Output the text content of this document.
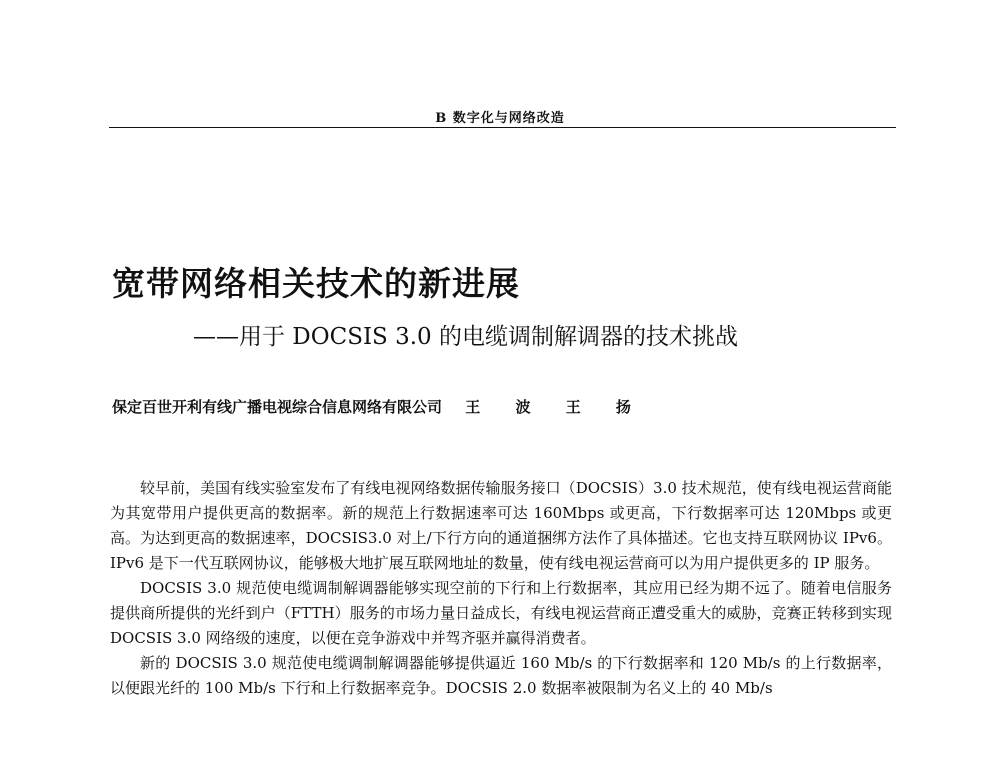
B 数字化与网络改造
宽带网络相关技术的新进展
——用于 DOCSIS 3.0 的电缆调制解调器的技术挑战
保定百世开利有线广播电视综合信息网络有限公司 王 波 王 扬

较早前，美国有线实验室发布了有线电视网络数据传输服务接口（DOCSIS）3.0 技术规范，使有线电视运营商能为其宽带用户提供更高的数据率。新的规范上行数据速率可达 160Mbps 或更高，下行数据率可达 120Mbps 或更高。为达到更高的数据速率，DOCSIS3.0 对上/下行方向的通道捆绑方法作了具体描述。它也支持互联网协议 IPv6。IPv6 是下一代互联网协议，能够极大地扩展互联网地址的数量，使有线电视运营商可以为用户提供更多的 IP 服务。

DOCSIS 3.0 规范使电缆调制解调器能够实现空前的下行和上行数据率，其应用已经为期不远了。随着电信服务提供商所提供的光纤到户（FTTH）服务的市场力量日益成长，有线电视运营商正遭受重大的威胁，竞赛正转移到实现 DOCSIS 3.0 网络级的速度，以便在竞争游戏中并驾齐驱并赢得消费者。

新的 DOCSIS 3.0 规范使电缆调制解调器能够提供逼近 160 Mb/s 的下行数据率和 120 Mb/s 的上行数据率，以便跟光纤的 100 Mb/s 下行和上行数据率竞争。DOCSIS 2.0 数据率被限制为名义上的 40 Mb/s
